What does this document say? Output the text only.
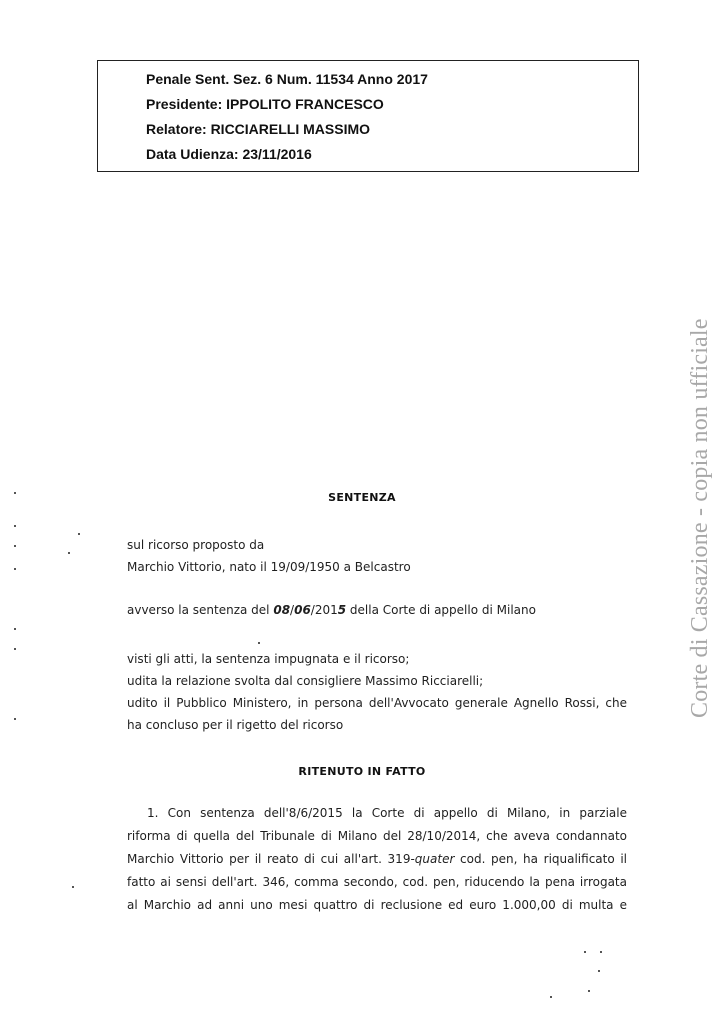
Penale Sent. Sez. 6 Num. 11534 Anno 2017
Presidente: IPPOLITO FRANCESCO
Relatore: RICCIARELLI MASSIMO
Data Udienza: 23/11/2016
Corte di Cassazione - copia non ufficiale
SENTENZA
sul ricorso proposto da
Marchio Vittorio, nato il 19/09/1950 a Belcastro
avverso la sentenza del 08/06/2015 della Corte di appello di Milano
visti gli atti, la sentenza impugnata e il ricorso;
udita la relazione svolta dal consigliere Massimo Ricciarelli;
udito il Pubblico Ministero, in persona dell'Avvocato generale Agnello Rossi, che
ha concluso per il rigetto del ricorso
RITENUTO IN FATTO
1. Con sentenza dell'8/6/2015 la Corte di appello di Milano, in parziale
riforma di quella del Tribunale di Milano del 28/10/2014, che aveva condannato
Marchio Vittorio per il reato di cui all'art. 319-quater cod. pen, ha riqualificato il
fatto ai sensi dell'art. 346, comma secondo, cod. pen, riducendo la pena irrogata
al Marchio ad anni uno mesi quattro di reclusione ed euro 1.000,00 di multa e
